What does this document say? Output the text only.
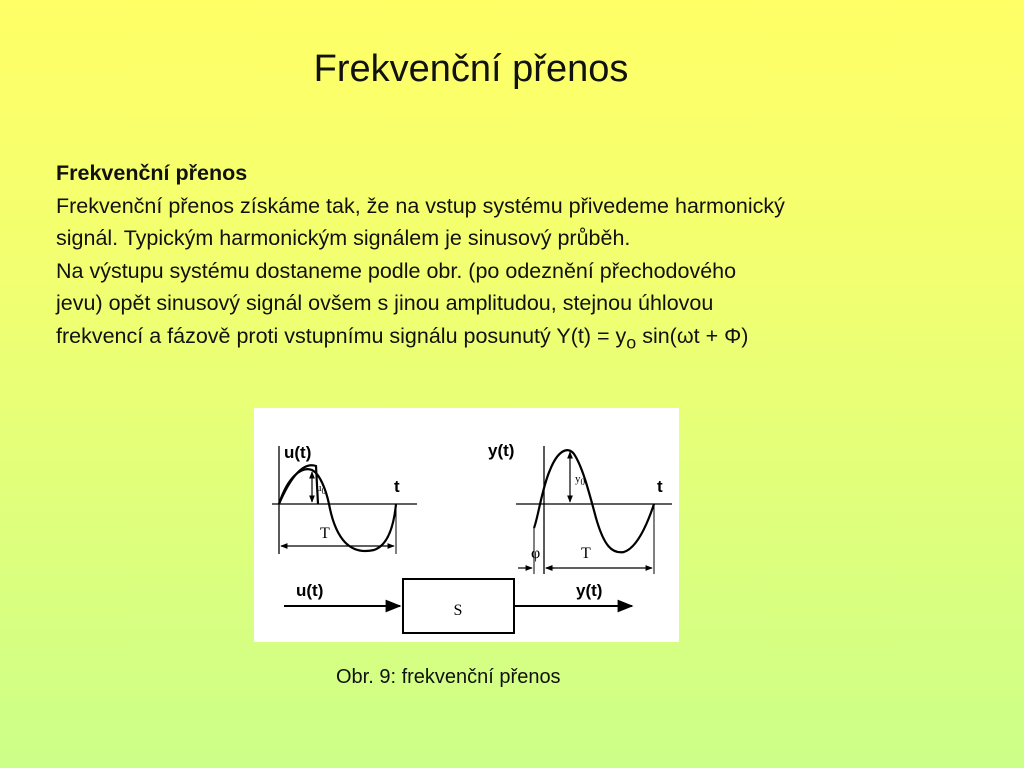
Frekvenční přenos

Frekvenční přenos

Frekvenční přenos získáme tak, že na vstup systému přivedeme harmonický

signál. Typickým harmonickým signálem je sinusový průběh.

Na výstupu systému dostaneme podle obr. (po odeznění přechodového

jevu) opět sinusový signál ovšem s jinou amplitudou, stejnou úhlovou

frekvencí a fázově proti vstupnímu signálu posunutý $Y(t) = y_o$ sin(ωt + Φ)

u(t)
$u_0$	t
T
y(t)
$y_0$	t
φ	T
S
u(t)	y(t)
Obr. 9: frekvenční přenos
